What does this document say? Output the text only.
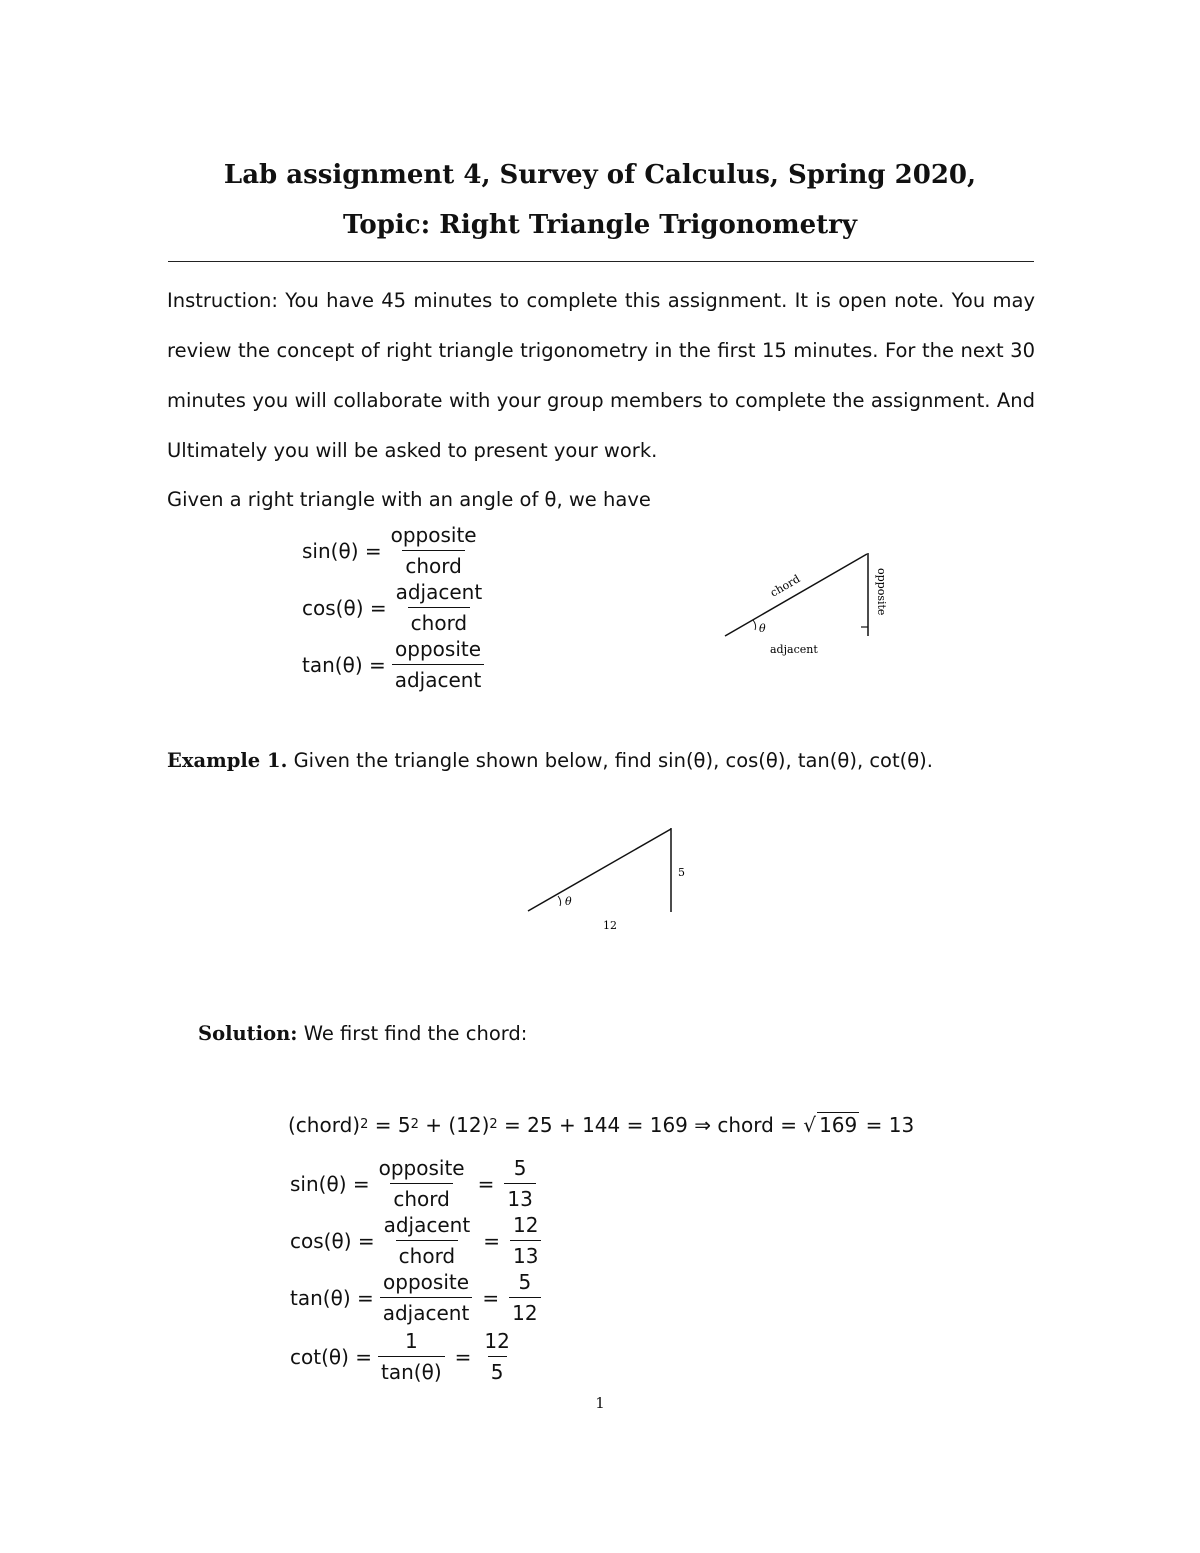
Lab assignment 4, Survey of Calculus, Spring 2020,
Topic: Right Triangle Trigonometry
Instruction: You have 45 minutes to complete this assignment. It is open note. You may review the concept of right triangle trigonometry in the first 15 minutes. For the next 30 minutes you will collaborate with your group members to complete the assignment. And Ultimately you will be asked to present your work.
Given a right triangle with an angle of θ, we have
$\sin(\theta) = \frac{\text{opposite}}{\text{chord}}$
$\cos(\theta) = \frac{\text{adjacent}}{\text{chord}}$
$\tan(\theta) = \frac{\text{opposite}}{\text{adjacent}}$
θ
chord	opposite
adjacent
Example 1. Given the triangle shown below, find sin(θ), cos(θ), tan(θ), cot(θ).
θ
5
12
Solution: We first find the chord:
(chord) 2 = 5 2 + (12) 2 = 25 + 144 = 169 ⇒ chord = √ 169 = 13
$\sin(\theta) = \frac{\text{opposite}}{\text{chord}} = \frac{5}{13}$
$\cos(\theta) = \frac{\text{adjacent}}{\text{chord}} = \frac{12}{13}$
$\tan(\theta) = \frac{\text{opposite}}{\text{adjacent}} = \frac{5}{12}$
$\cot(\theta) = \frac{1}{\tan(\theta)} = \frac{12}{5}$
1
